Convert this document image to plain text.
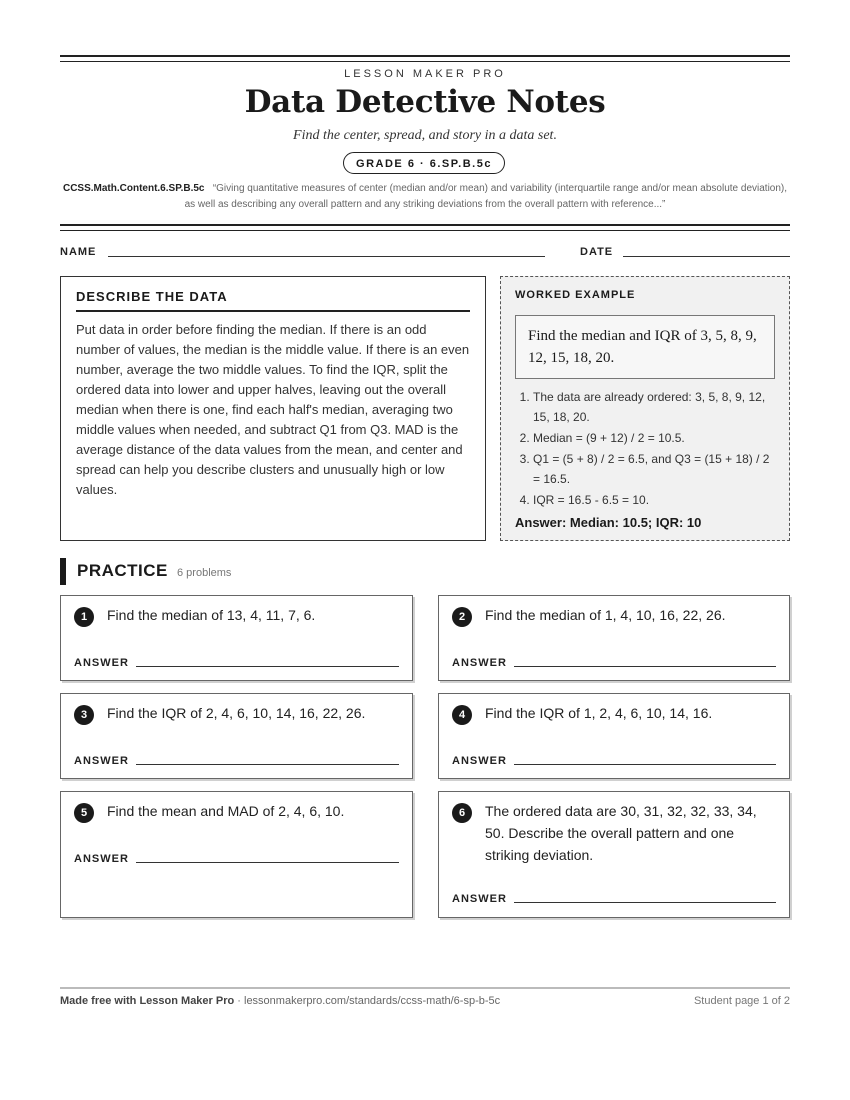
LESSON MAKER PRO
Data Detective Notes
Find the center, spread, and story in a data set.
GRADE 6 · 6.SP.B.5c
CCSS.Math.Content.6.SP.B.5c “Giving quantitative measures of center (median and/or mean) and variability (interquartile range and/or mean absolute deviation), as well as describing any overall pattern and any striking deviations from the overall pattern with reference...”
NAME	DATE
DESCRIBE THE DATA

Put data in order before finding the median. If there is an odd number of values, the median is the middle value. If there is an even number, average the two middle values. To find the IQR, split the ordered data into lower and upper halves, leaving out the overall median when there is one, find each half's median, averaging two middle values when needed, and subtract Q1 from Q3. MAD is the average distance of the data values from the mean, and center and spread can help you describe clusters and unusually high or low values.

WORKED EXAMPLE
Find the median and IQR of 3, 5, 8, 9, 12, 15, 18, 20.
1. The data are already ordered: 3, 5, 8, 9, 12, 15, 18, 20.
2. Median = (9 + 12) / 2 = 10.5.
3. Q1 = (5 + 8) / 2 = 6.5, and Q3 = (15 + 18) / 2 = 16.5.
4. IQR = 16.5 - 6.5 = 10.
Answer: Median: 10.5; IQR: 10
PRACTICE 6 problems
1	Find the median of 13, 4, 11, 7, 6.
ANSWER
2	Find the median of 1, 4, 10, 16, 22, 26.
ANSWER
3	Find the IQR of 2, 4, 6, 10, 14, 16, 22, 26.
ANSWER
4	Find the IQR of 1, 2, 4, 6, 10, 14, 16.
ANSWER
5	Find the mean and MAD of 2, 4, 6, 10.
ANSWER
6	The ordered data are 30, 31, 32, 32, 33, 34, 50. Describe the overall pattern and one striking deviation.
ANSWER
Made free with Lesson Maker Pro · lessonmakerpro.com/standards/ccss-math/6-sp-b-5c	Student page 1 of 2
